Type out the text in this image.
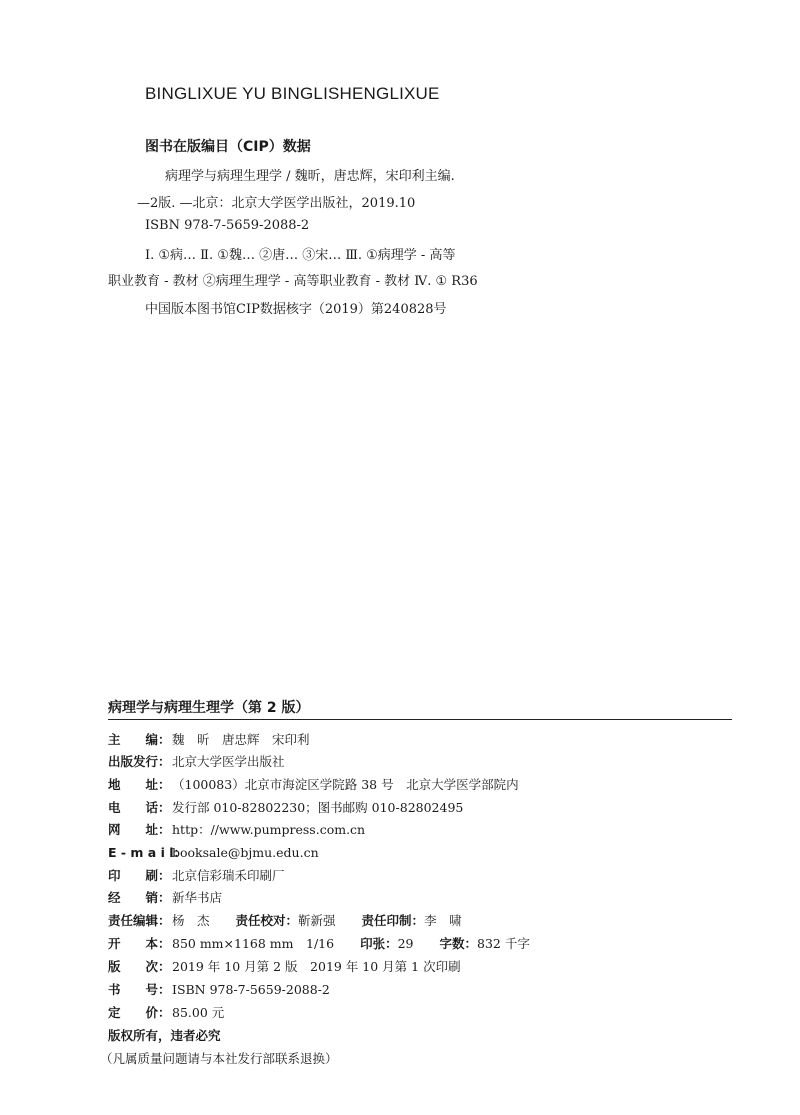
BINGLIXUE YU BINGLISHENGLIXUE
图书在版编目（CIP）数据
病理学与病理生理学 / 魏昕，唐忠辉，宋印利主编.
—2版. —北京：北京大学医学出版社，2019.10
ISBN 978-7-5659-2088-2
Ⅰ. ①病… Ⅱ. ①魏… ②唐… ③宋… Ⅲ. ①病理学 - 高等
职业教育 - 教材 ②病理生理学 - 高等职业教育 - 教材 Ⅳ. ① R36
中国版本图书馆CIP数据核字（2019）第240828号
病理学与病理生理学（第 2 版）
主　　编： 魏　昕　唐忠辉　宋印利
出版发行： 北京大学医学出版社
地　　址： （100083）北京市海淀区学院路 38 号　北京大学医学部院内
电　　话： 发行部 010-82802230；图书邮购 010-82802495
网　　址： http：//www.pumpress.com.cn
E - m a i l：
booksale@bjmu.edu.cn
印　　刷： 北京信彩瑞禾印刷厂
经　　销： 新华书店
责任编辑： 杨　杰 责任校对： 靳新强 责任印制： 李　啸
开　　本： 850 mm×1168 mm　1/16 印张： 29 字数： 832 千字
版　　次： 2019 年 10 月第 2 版　2019 年 10 月第 1 次印刷
书　　号： ISBN 978-7-5659-2088-2
定　　价： 85.00 元
版权所有，违者必究
（凡属质量问题请与本社发行部联系退换）
